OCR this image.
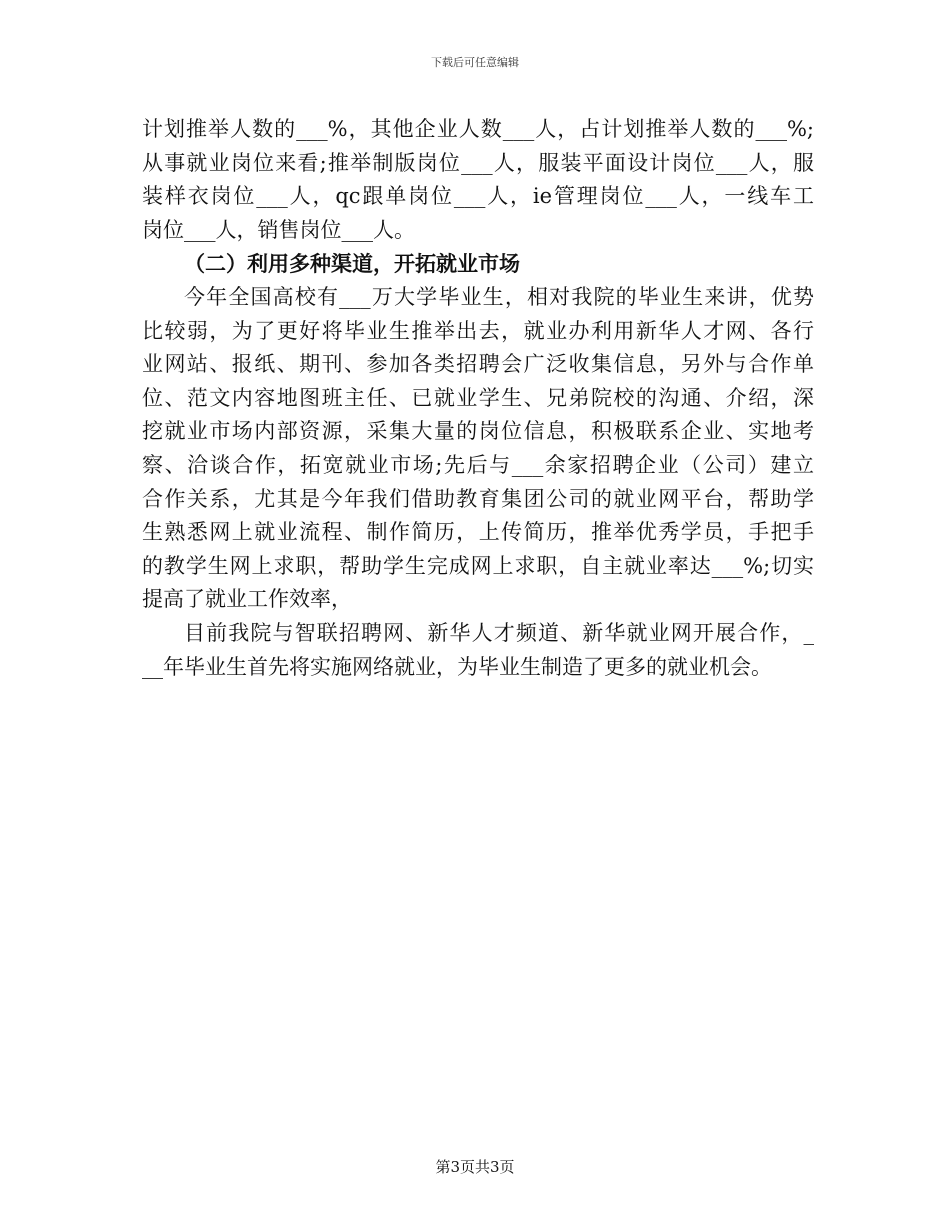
下载后可任意编辑
计划推举人数的___%，其他企业人数___人，占计划推举人数的___%;
从事就业岗位来看;推举制版岗位___人，服装平面设计岗位___人，服
装样衣岗位___人，qc跟单岗位___人，ie管理岗位___人，一线车工
岗位___人，销售岗位___人。
（二）利用多种渠道，开拓就业市场
今年全国高校有___万大学毕业生，相对我院的毕业生来讲，优势
比较弱，为了更好将毕业生推举出去，就业办利用新华人才网、各行
业网站、报纸、期刊、参加各类招聘会广泛收集信息，另外与合作单
位、范文内容地图班主任、已就业学生、兄弟院校的沟通、介绍，深
挖就业市场内部资源，采集大量的岗位信息，积极联系企业、实地考
察、洽谈合作，拓宽就业市场;先后与___余家招聘企业（公司）建立
合作关系，尤其是今年我们借助教育集团公司的就业网平台，帮助学
生熟悉网上就业流程、制作简历，上传简历，推举优秀学员，手把手
的教学生网上求职，帮助学生完成网上求职，自主就业率达___%;切实
提高了就业工作效率，
目前我院与智联招聘网、新华人才频道、新华就业网开展合作，_
__年毕业生首先将实施网络就业，为毕业生制造了更多的就业机会。
第3页共3页
